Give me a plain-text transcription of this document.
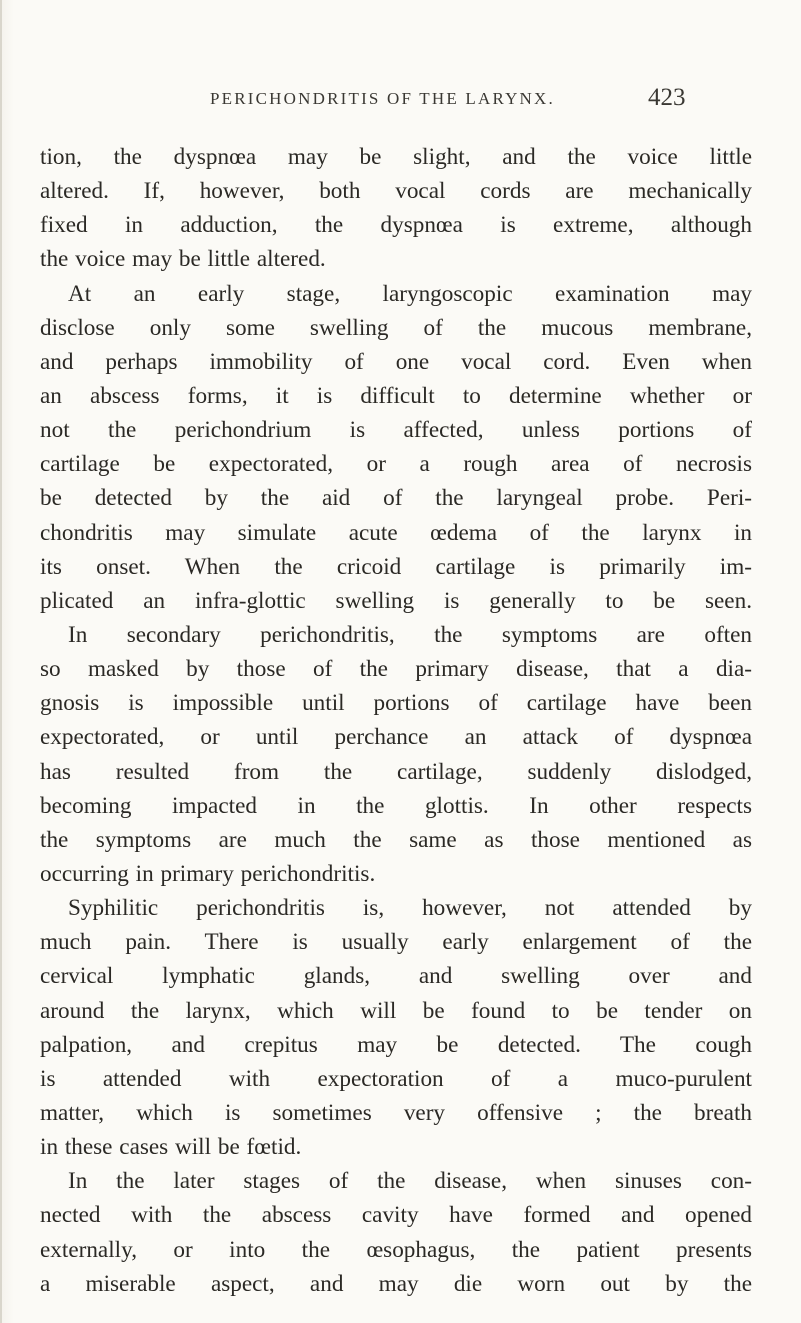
PERICHONDRITIS OF THE LARYNX.	423
tion, the dyspnœa may be slight, and the voice little
altered. If, however, both vocal cords are mechanically
fixed in adduction, the dyspnœa is extreme, although
the voice may be little altered.
At an early stage, laryngoscopic examination may
disclose only some swelling of the mucous membrane,
and perhaps immobility of one vocal cord. Even when
an abscess forms, it is difficult to determine whether or
not the perichondrium is affected, unless portions of
cartilage be expectorated, or a rough area of necrosis
be detected by the aid of the laryngeal probe. Peri-
chondritis may simulate acute œdema of the larynx in
its onset. When the cricoid cartilage is primarily im-
plicated an infra-glottic swelling is generally to be seen.
In secondary perichondritis, the symptoms are often
so masked by those of the primary disease, that a dia-
gnosis is impossible until portions of cartilage have been
expectorated, or until perchance an attack of dyspnœa
has resulted from the cartilage, suddenly dislodged,
becoming impacted in the glottis. In other respects
the symptoms are much the same as those mentioned as
occurring in primary perichondritis.
Syphilitic perichondritis is, however, not attended by
much pain. There is usually early enlargement of the
cervical lymphatic glands, and swelling over and
around the larynx, which will be found to be tender on
palpation, and crepitus may be detected. The cough
is attended with expectoration of a muco-purulent
matter, which is sometimes very offensive ; the breath
in these cases will be fœtid.
In the later stages of the disease, when sinuses con-
nected with the abscess cavity have formed and opened
externally, or into the œsophagus, the patient presents
a miserable aspect, and may die worn out by the
